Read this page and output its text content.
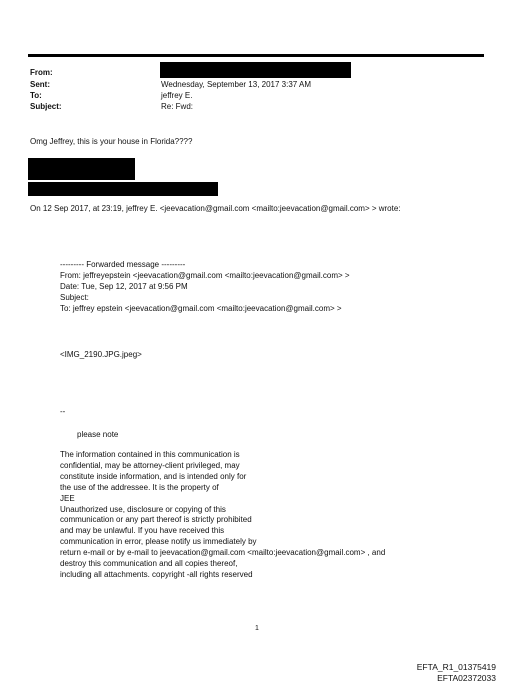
From:
Sent:
To:
Subject:
Wednesday, September 13, 2017 3:37 AM
jeffrey E.
Re: Fwd:
Omg Jeffrey, this is your house in Florida????
On 12 Sep 2017, at 23:19, jeffrey E. <jeevacation@gmail.com <mailto:jeevacation@gmail.com> > wrote:
--------- Forwarded message ---------
From: jeffreyepstein <jeevacation@gmail.com <mailto:jeevacation@gmail.com> >
Date: Tue, Sep 12, 2017 at 9:56 PM
Subject:
To: jeffrey epstein <jeevacation@gmail.com <mailto:jeevacation@gmail.com> >
<IMG_2190.JPG.jpeg>
--
please note
The information contained in this communication is
confidential, may be attorney-client privileged, may
constitute inside information, and is intended only for
the use of the addressee. It is the property of
JEE
Unauthorized use, disclosure or copying of this
communication or any part thereof is strictly prohibited
and may be unlawful. If you have received this
communication in error, please notify us immediately by
return e-mail or by e-mail to jeevacation@gmail.com <mailto:jeevacation@gmail.com> , and
destroy this communication and all copies thereof,
including all attachments. copyright -all rights reserved
1
EFTA_R1_01375419
EFTA02372033
